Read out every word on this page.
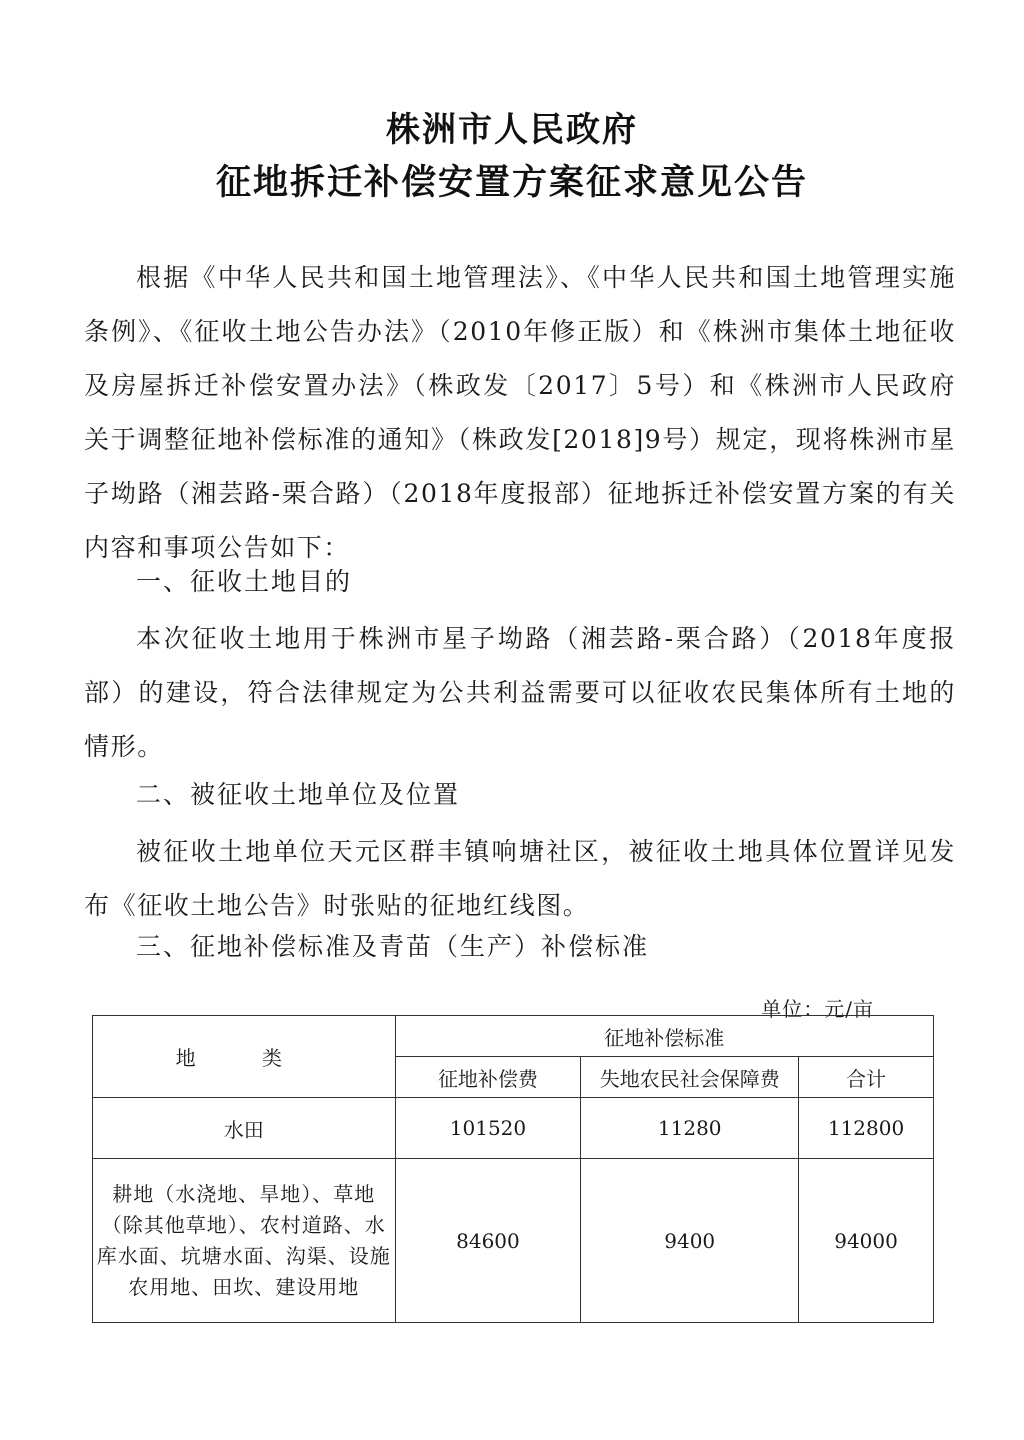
株洲市人民政府
征地拆迁补偿安置方案征求意见公告

根据《中华人民共和国土地管理法》、《中华人民共和国土地管理实施条例》、《征收土地公告办法》（2010年修正版）和《株洲市集体土地征收及房屋拆迁补偿安置办法》（株政发〔2017〕5号）和《株洲市人民政府关于调整征地补偿标准的通知》（株政发[2018]9号）规定，现将株洲市星子坳路（湘芸路-栗合路）（2018年度报部）征地拆迁补偿安置方案的有关内容和事项公告如下：

一、征收土地目的

本次征收土地用于株洲市星子坳路（湘芸路-栗合路）（2018年度报部）的建设，符合法律规定为公共利益需要可以征收农民集体所有土地的情形。

二、被征收土地单位及位置

被征收土地单位天元区群丰镇响塘社区，被征收土地具体位置详见发布《征收土地公告》时张贴的征地红线图。

三、征地补偿标准及青苗（生产）补偿标准

单位：元/亩
地 类	征地补偿标准		
	征地补偿费	失地农民社会保障费	合计
水田	101520	11280	112800
耕地（水浇地、旱地）、草地（除其他草地）、农村道路、水库水面、坑塘水面、沟渠、设施农用地、田坎、建设用地	84600	9400	94000
